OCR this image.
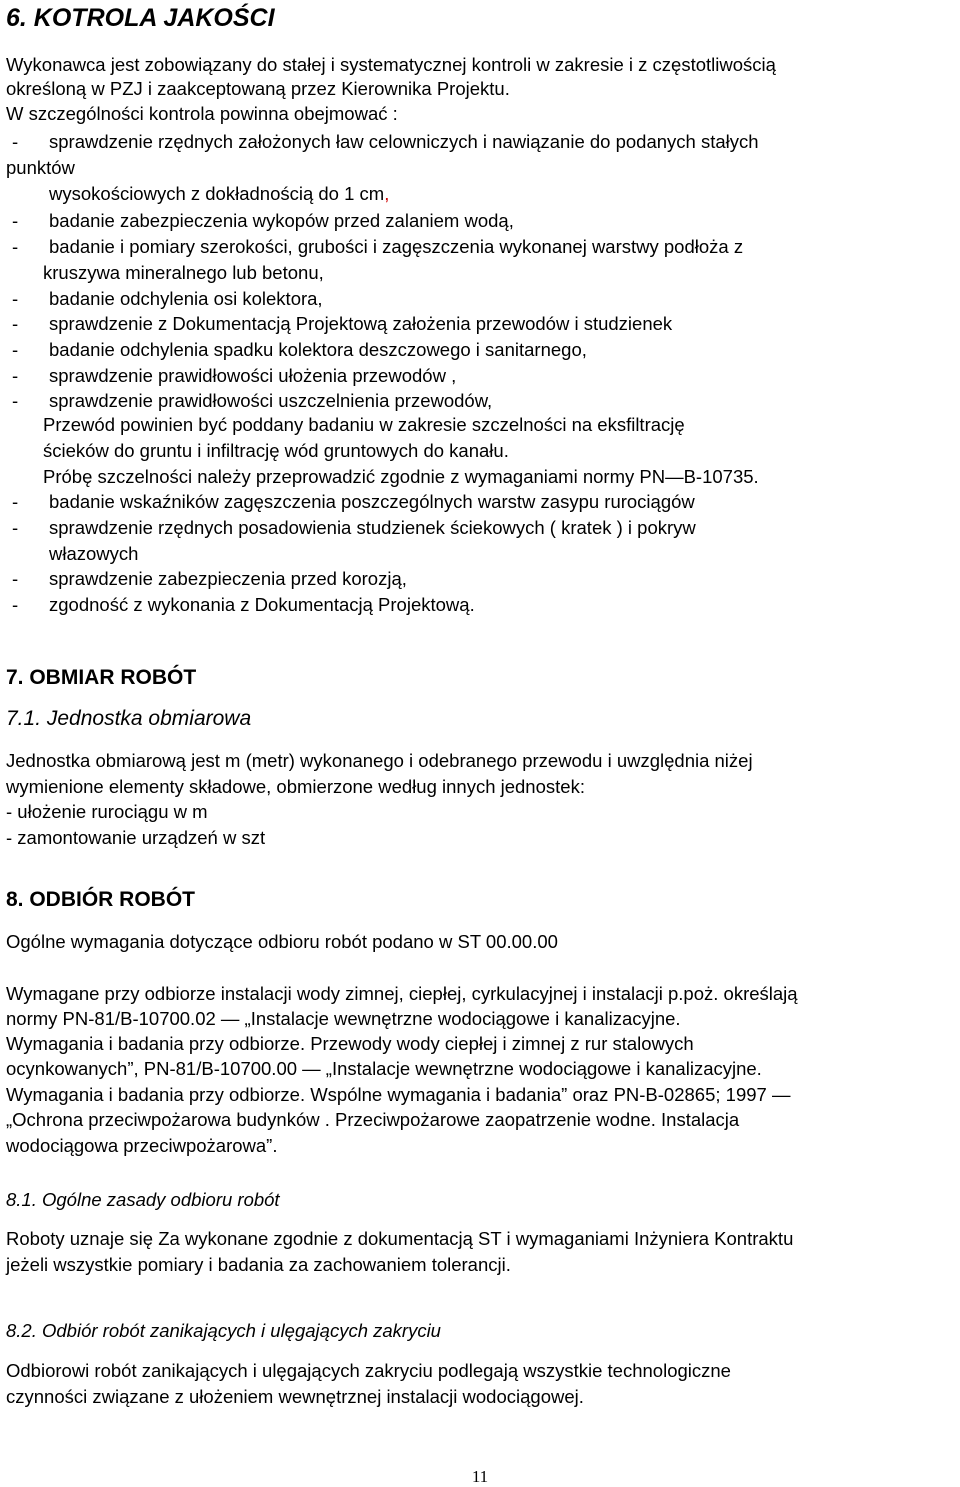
6. KOTROLA JAKOŚCI
Wykonawca jest zobowiązany do stałej i systematycznej kontroli w zakresie i z częstotliwością
określoną w PZJ i zaakceptowaną przez Kierownika Projektu.
W szczególności kontrola powinna obejmować :
-	sprawdzenie rzędnych założonych ław celowniczych i nawiązanie do podanych stałych
punktów
wysokościowych z dokładnością do 1 cm,
-	badanie zabezpieczenia wykopów przed zalaniem wodą,
-	badanie i pomiary szerokości, grubości i zagęszczenia wykonanej warstwy podłoża z
kruszywa mineralnego lub betonu,
-	badanie odchylenia osi kolektora,
-	sprawdzenie z Dokumentacją Projektową założenia przewodów i studzienek
-	badanie odchylenia spadku kolektora deszczowego i sanitarnego,
-	sprawdzenie prawidłowości ułożenia przewodów ,
-	sprawdzenie prawidłowości uszczelnienia przewodów,
Przewód powinien być poddany badaniu w zakresie szczelności na eksfiltrację
ścieków do gruntu i infiltrację wód gruntowych do kanału.
Próbę szczelności należy przeprowadzić zgodnie z wymaganiami normy PN—B-10735.
-	badanie wskaźników zagęszczenia poszczególnych warstw zasypu rurociągów
-	sprawdzenie rzędnych posadowienia studzienek ściekowych ( kratek ) i pokryw
włazowych
-	sprawdzenie zabezpieczenia przed korozją,
-	zgodność z wykonania z Dokumentacją Projektową.
7. OBMIAR ROBÓT
7.1. Jednostka obmiarowa
Jednostka obmiarową jest m (metr) wykonanego i odebranego przewodu i uwzględnia niżej
wymienione elementy składowe, obmierzone według innych jednostek:
- ułożenie rurociągu w m
- zamontowanie urządzeń w szt
8. ODBIÓR ROBÓT
Ogólne wymagania dotyczące odbioru robót podano w ST 00.00.00
Wymagane przy odbiorze instalacji wody zimnej, ciepłej, cyrkulacyjnej i instalacji p.poż. określają
normy PN-81/B-10700.02 — „Instalacje wewnętrzne wodociągowe i kanalizacyjne.
Wymagania i badania przy odbiorze. Przewody wody ciepłej i zimnej z rur stalowych
ocynkowanych”, PN-81/B-10700.00 — „Instalacje wewnętrzne wodociągowe i kanalizacyjne.
Wymagania i badania przy odbiorze. Wspólne wymagania i badania” oraz PN-B-02865; 1997 —
„Ochrona przeciwpożarowa budynków . Przeciwpożarowe zaopatrzenie wodne. Instalacja
wodociągowa przeciwpożarowa”.
8.1. Ogólne zasady odbioru robót
Roboty uznaje się Za wykonane zgodnie z dokumentacją ST i wymaganiami Inżyniera Kontraktu
jeżeli wszystkie pomiary i badania za zachowaniem tolerancji.
8.2. Odbiór robót zanikających i ulęgających zakryciu
Odbiorowi robót zanikających i ulęgających zakryciu podlegają wszystkie technologiczne
czynności związane z ułożeniem wewnętrznej instalacji wodociągowej.
11
